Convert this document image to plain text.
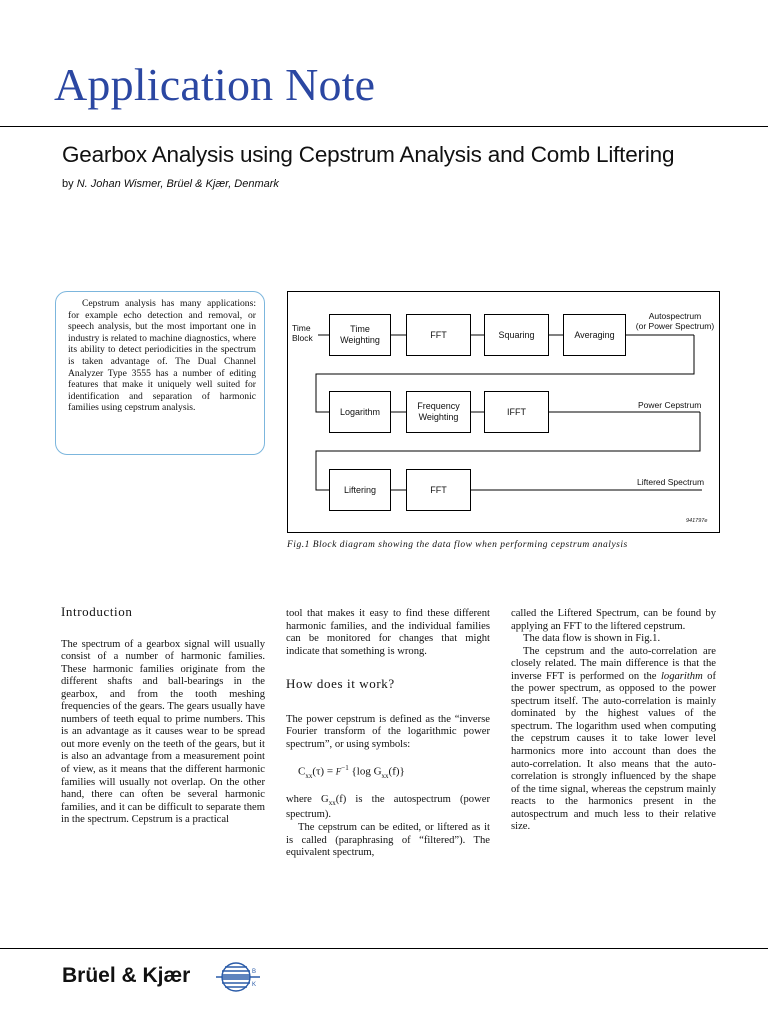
Application Note
Gearbox Analysis using Cepstrum Analysis and Comb Liftering
by N. Johan Wismer, Brüel & Kjær, Denmark
Cepstrum analysis has many applications: for example echo detection and removal, or speech analysis, but the most important one in industry is related to machine diagnostics, where its ability to detect periodicities in the spectrum is taken advantage of. The Dual Channel Analyzer Type 3555 has a number of editing features that make it uniquely well suited for identification and separation of harmonic families using cepstrum analysis.
Time
Block
Time
Weighting
FFT	Squaring	Averaging
Autospectrum
(or Power Spectrum)
Logarithm
Frequency
Weighting
IFFT
Power Cepstrum
Liftering	FFT
Liftered Spectrum
941797e
Fig.1 Block diagram showing the data flow when performing cepstrum analysis

Introduction

The spectrum of a gearbox signal will usually consist of a number of harmonic families. These harmonic families originate from the different shafts and ball-bearings in the gearbox, and from the tooth meshing frequencies of the gears. The gears usually have numbers of teeth equal to prime numbers. This is an advantage as it causes wear to be spread out more evenly on the teeth of the gears, but it is also an advantage from a measurement point of view, as it means that the different harmonic families will usually not overlap. On the other hand, there can often be several harmonic families, and it can be difficult to separate them in the spectrum. Cepstrum is a practical

tool that makes it easy to find these different harmonic families, and the individual families can be monitored for changes that might indicate that something is wrong.

How does it work?

The power cepstrum is defined as the “inverse Fourier transform of the logarithmic power spectrum”, or using symbols:

$C_{xx}(\tau) = F^{-1}$ {log $G_{xx}(f)$}

where $G_{xx}(f)$ is the autospectrum (power spectrum).

The cepstrum can be edited, or liftered as it is called (paraphrasing of “filtered”). The equivalent spectrum,

called the Liftered Spectrum, can be found by applying an FFT to the liftered cepstrum.

The data flow is shown in Fig.1.

The cepstrum and the auto-correlation are closely related. The main difference is that the inverse FFT is performed on the logarithm of the power spectrum, as opposed to the power spectrum itself. The auto-correlation is mainly dominated by the highest values of the spectrum. The logarithm used when computing the cepstrum causes it to take lower level harmonics more into account than does the auto-correlation. It also means that the auto-correlation is strongly influenced by the shape of the time signal, whereas the cepstrum mainly reacts to the harmonics present in the autospectrum and much less to their relative size.

Brüel & Kjær	B
K
